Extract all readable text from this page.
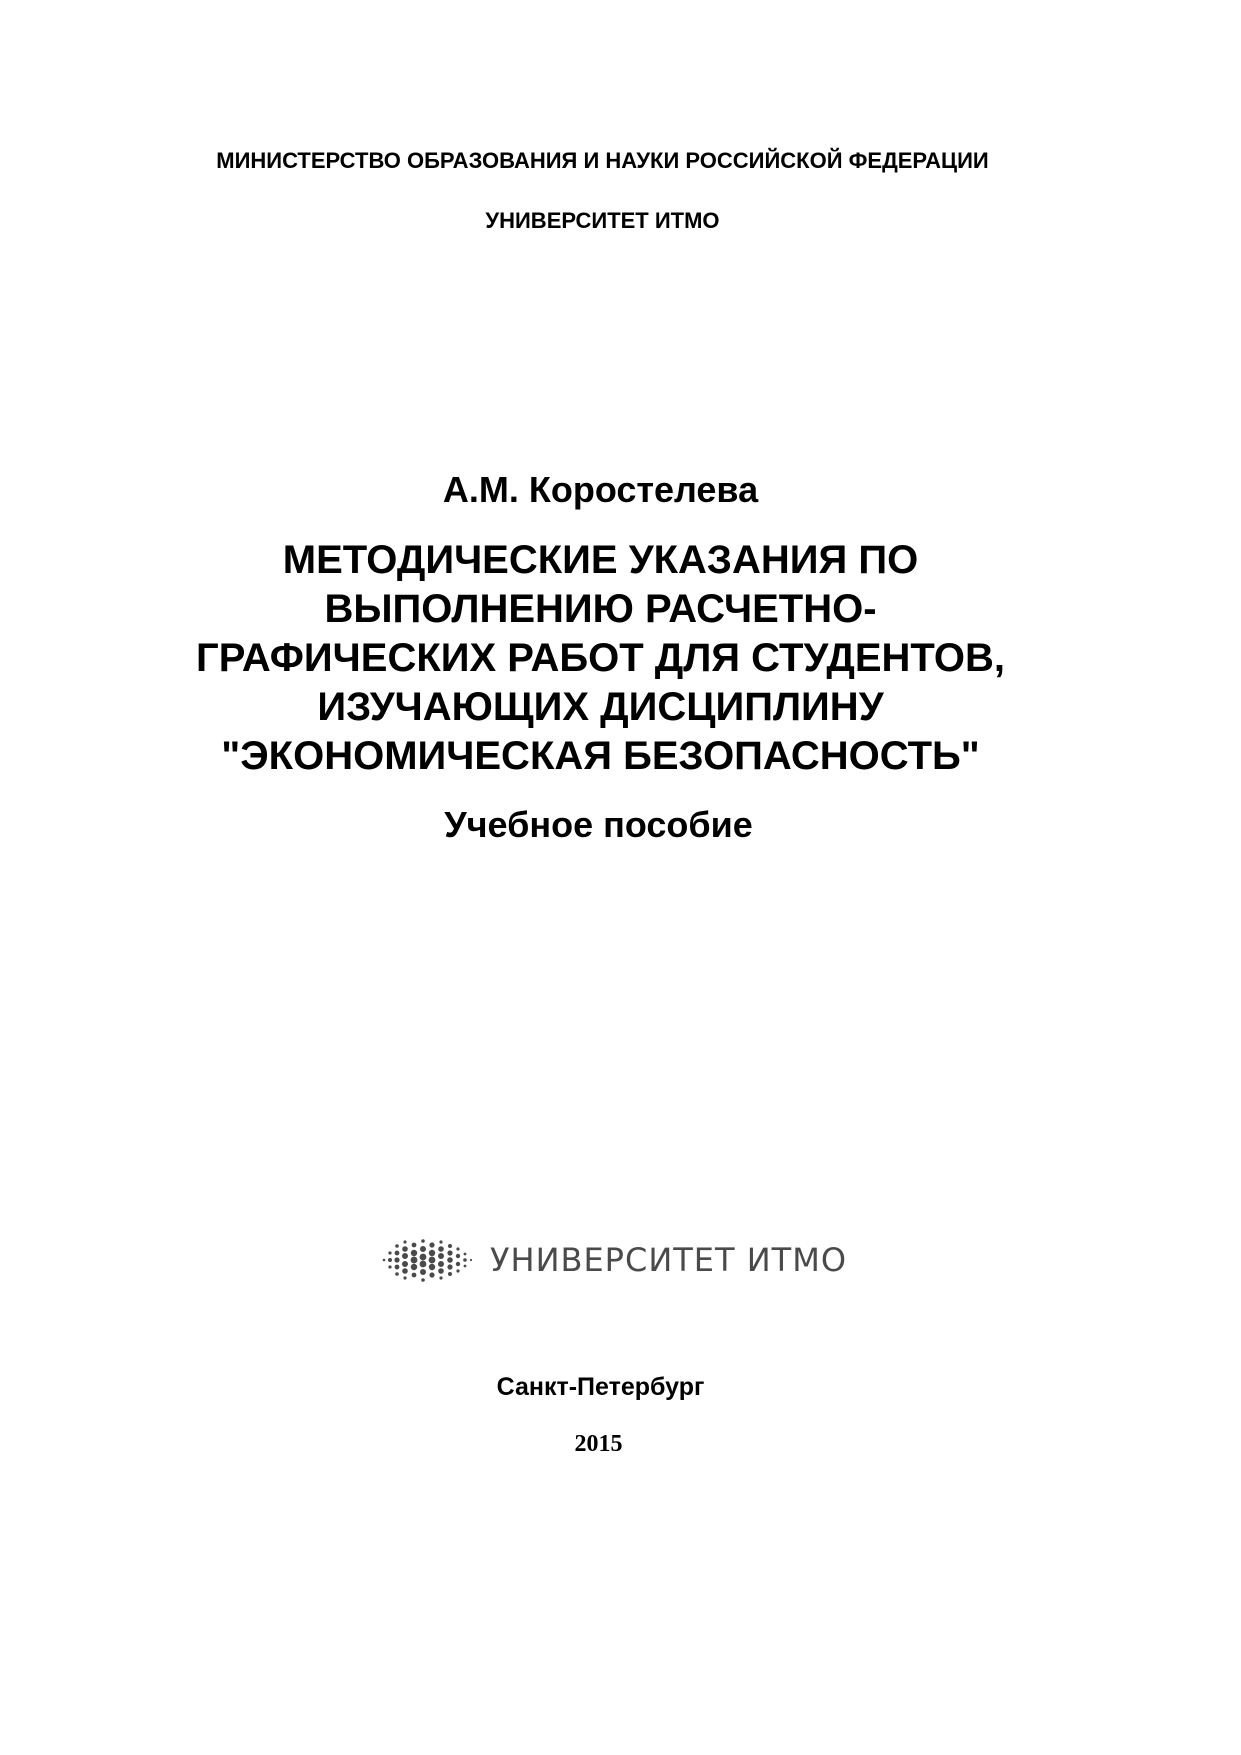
МИНИСТЕРСТВО ОБРАЗОВАНИЯ И НАУКИ РОССИЙСКОЙ ФЕДЕРАЦИИ
УНИВЕРСИТЕТ ИТМО
А.М. Коростелева
МЕТОДИЧЕСКИЕ УКАЗАНИЯ ПО
ВЫПОЛНЕНИЮ РАСЧЕТНО-
ГРАФИЧЕСКИХ РАБОТ ДЛЯ СТУДЕНТОВ,
ИЗУЧАЮЩИХ ДИСЦИПЛИНУ
"ЭКОНОМИЧЕСКАЯ БЕЗОПАСНОСТЬ"
Учебное пособие
УНИВЕРСИТЕТ ИТМО
Санкт-Петербург
2015
